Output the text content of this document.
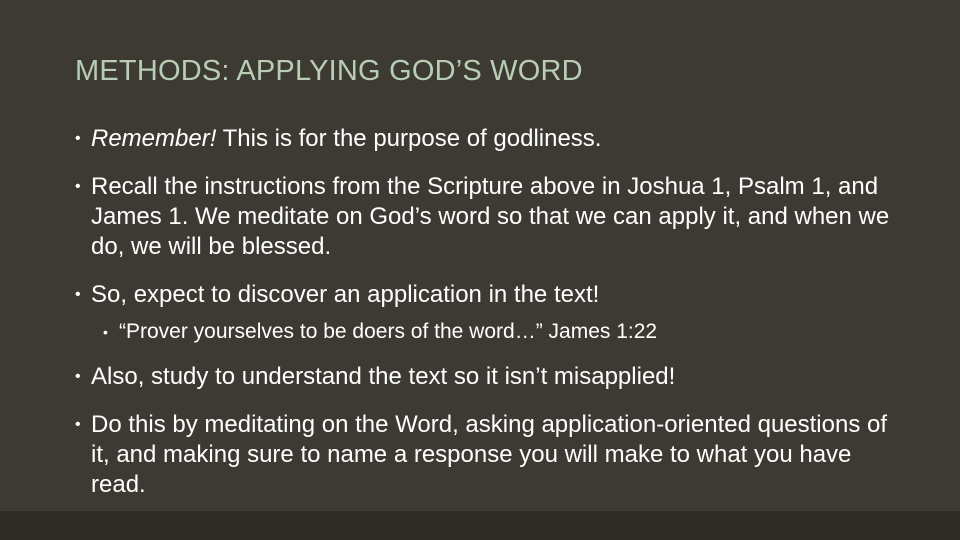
METHODS: APPLYING GOD’S WORD
• Remember! This is for the purpose of godliness.
• Recall the instructions from the Scripture above in Joshua 1, Psalm 1, and James 1. We meditate on God’s word so that we can apply it, and when we do, we will be blessed.
• So, expect to discover an application in the text!
• “Prover yourselves to be doers of the word…” James 1:22
• Also, study to understand the text so it isn’t misapplied!
• Do this by meditating on the Word, asking application-oriented questions of it, and making sure to name a response you will make to what you have read.
